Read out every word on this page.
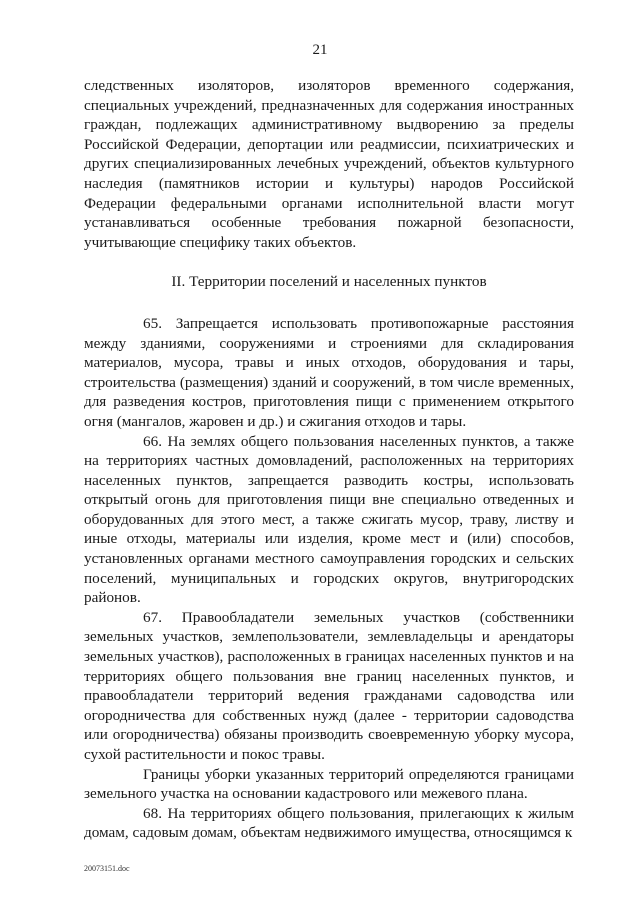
21

следственных изоляторов, изоляторов временного содержания, специальных учреждений, предназначенных для содержания иностранных граждан, подлежащих административному выдворению за пределы Российской Федерации, депортации или реадмиссии, психиатрических и других специализированных лечебных учреждений, объектов культурного наследия (памятников истории и культуры) народов Российской Федерации федеральными органами исполнительной власти могут устанавливаться особенные требования пожарной безопасности, учитывающие специфику таких объектов.

II. Территории поселений и населенных пунктов

65. Запрещается использовать противопожарные расстояния между зданиями, сооружениями и строениями для складирования материалов, мусора, травы и иных отходов, оборудования и тары, строительства (размещения) зданий и сооружений, в том числе временных, для разведения костров, приготовления пищи с применением открытого огня (мангалов, жаровен и др.) и сжигания отходов и тары.

66. На землях общего пользования населенных пунктов, а также на территориях частных домовладений, расположенных на территориях населенных пунктов, запрещается разводить костры, использовать открытый огонь для приготовления пищи вне специально отведенных и оборудованных для этого мест, а также сжигать мусор, траву, листву и иные отходы, материалы или изделия, кроме мест и (или) способов, установленных органами местного самоуправления городских и сельских поселений, муниципальных и городских округов, внутригородских районов.

67. Правообладатели земельных участков (собственники земельных участков, землепользователи, землевладельцы и арендаторы земельных участков), расположенных в границах населенных пунктов и на территориях общего пользования вне границ населенных пунктов, и правообладатели территорий ведения гражданами садоводства или огородничества для собственных нужд (далее - территории садоводства или огородничества) обязаны производить своевременную уборку мусора, сухой растительности и покос травы.

Границы уборки указанных территорий определяются границами земельного участка на основании кадастрового или межевого плана.

68. На территориях общего пользования, прилегающих к жилым домам, садовым домам, объектам недвижимого имущества, относящимся к

20073151.doc
